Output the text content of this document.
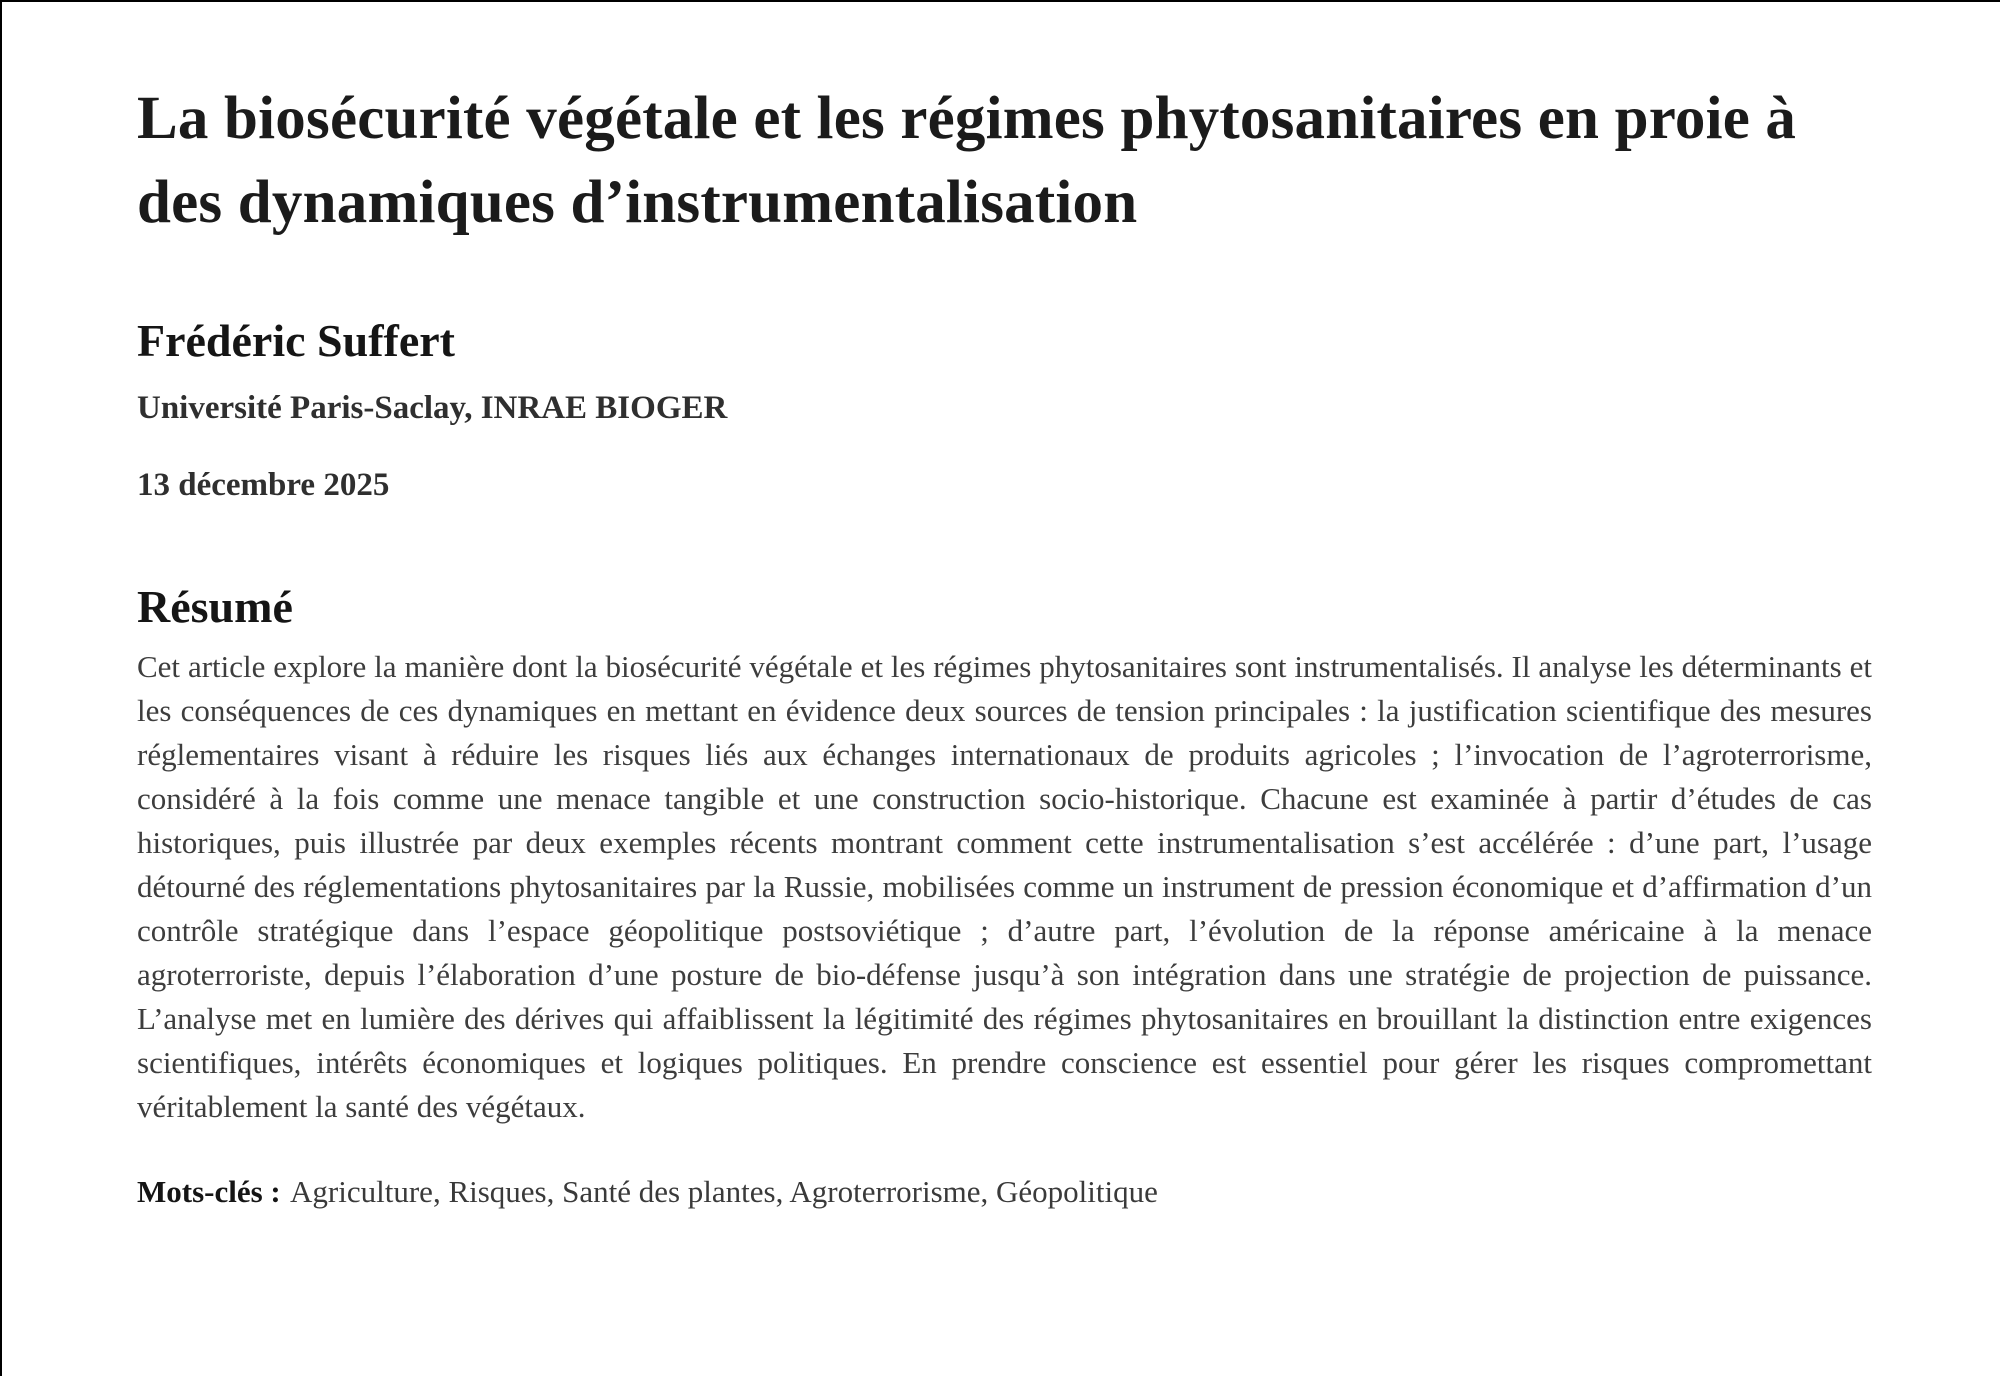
La biosécurité végétale et les régimes phytosanitaires en proie à des dynamiques d’instrumentalisation

Frédéric Suffert

Université Paris-Saclay, INRAE BIOGER

13 décembre 2025

Résumé

Cet article explore la manière dont la biosécurité végétale et les régimes phytosanitaires sont instrumentalisés. Il analyse les déterminants et les conséquences de ces dynamiques en mettant en évidence deux sources de tension principales : la justification scientifique des mesures réglementaires visant à réduire les risques liés aux échanges internationaux de produits agricoles ; l’invocation de l’agroterrorisme, considéré à la fois comme une menace tangible et une construction socio-historique. Chacune est examinée à partir d’études de cas historiques, puis illustrée par deux exemples récents montrant comment cette instrumentalisation s’est accélérée : d’une part, l’usage détourné des réglementations phytosanitaires par la Russie, mobilisées comme un instrument de pression économique et d’affirmation d’un contrôle stratégique dans l’espace géopolitique postsoviétique ; d’autre part, l’évolution de la réponse américaine à la menace agroterroriste, depuis l’élaboration d’une posture de bio-défense jusqu’à son intégration dans une stratégie de projection de puissance. L’analyse met en lumière des dérives qui affaiblissent la légitimité des régimes phytosanitaires en brouillant la distinction entre exigences scientifiques, intérêts économiques et logiques politiques. En prendre conscience est essentiel pour gérer les risques compromettant véritablement la santé des végétaux.

Mots-clés : Agriculture, Risques, Santé des plantes, Agroterrorisme, Géopolitique
